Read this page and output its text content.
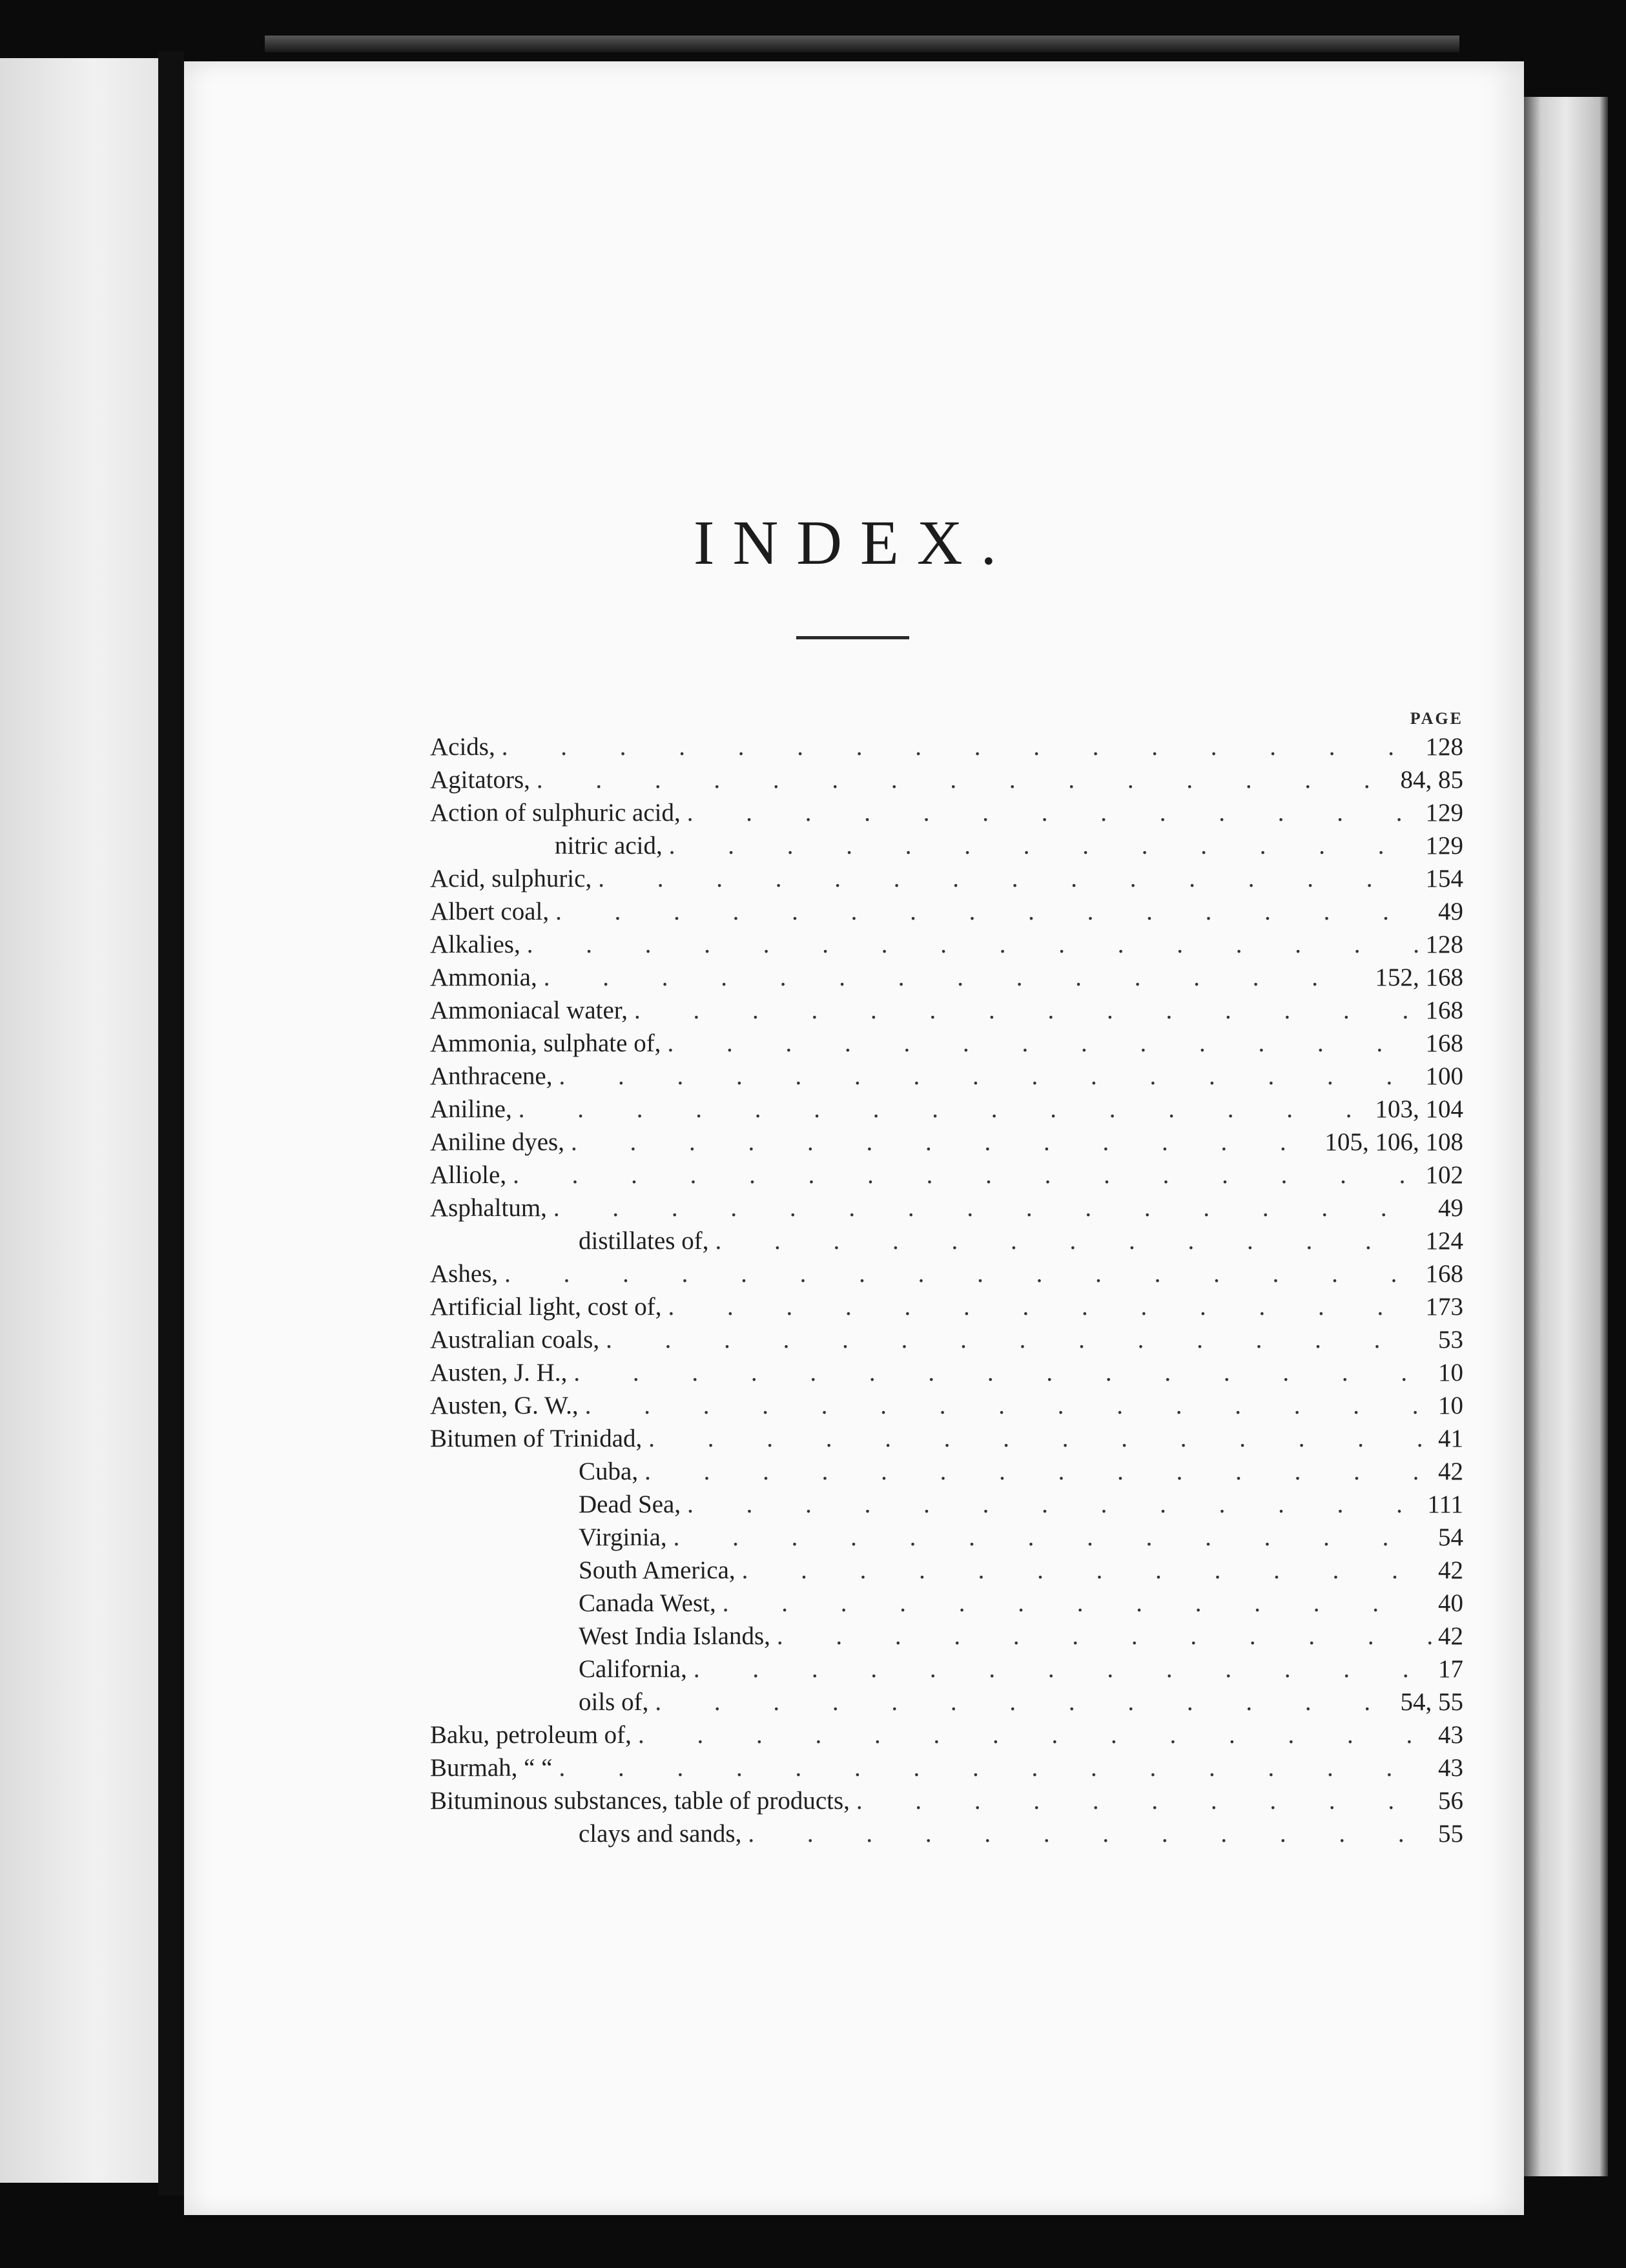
INDEX.
PAGE
Acids, . . .	128
Agitators, . . .	84, 85
Action of sulphuric acid, . . .	129
nitric acid, . . .	129
Acid, sulphuric, . . .	154
Albert coal, . . .	49
Alkalies, . . .	128
Ammonia, . . .	152, 168
Ammoniacal water, . . .	168
Ammonia, sulphate of, . . .	168
Anthracene, . . .	100
Aniline, . . .	103, 104
Aniline dyes, . . .	105, 106, 108
Alliole, . . .	102
Asphaltum, . . .	49
distillates of, . . .	124
Ashes, . . .	168
Artificial light, cost of, . . .	173
Australian coals, . . .	53
Austen, J. H., . . .	10
Austen, G. W., . . .	10
Bitumen of Trinidad, . . .	41
Cuba, . . .	42
Dead Sea, . . .	111
Virginia, . . .	54
South America, . . .	42
Canada West, . . .	40
West India Islands, . . .	42
California, . . .	17
oils of, . . .	54, 55
Baku, petroleum of, . . .	43
Burmah, “ “ . . .	43
Bituminous substances, table of products, . . .	56
clays and sands, . . .	55
